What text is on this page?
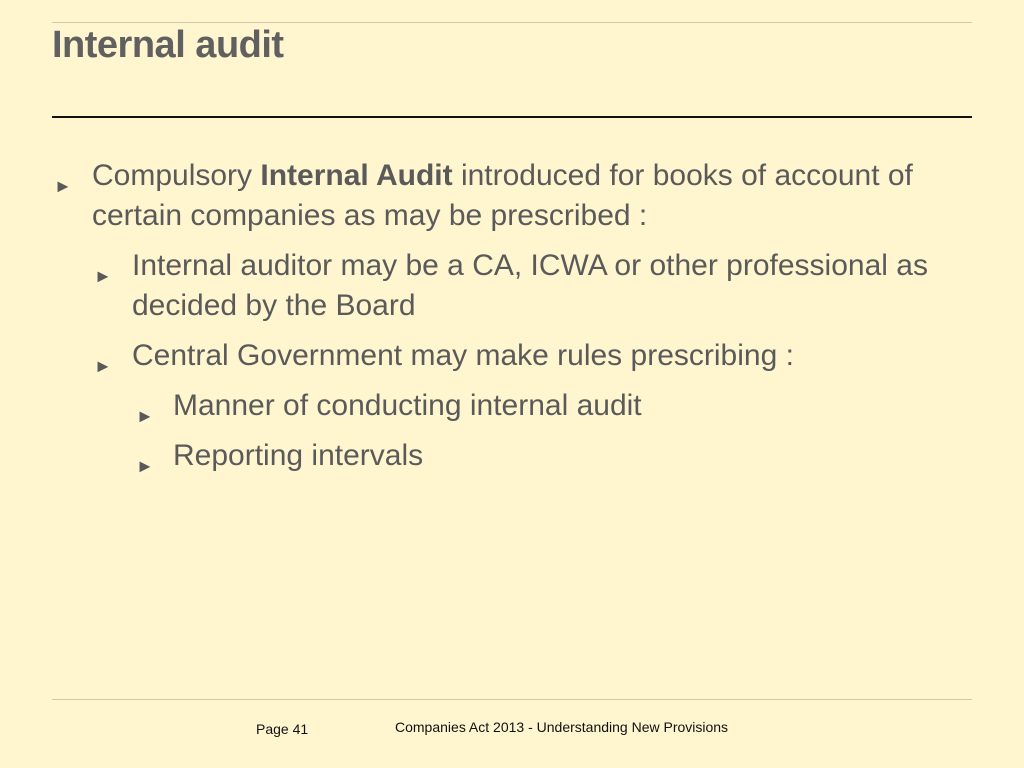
Internal audit

► Compulsory Internal Audit introduced for books of account of certain companies as may be prescribed :

► Internal auditor may be a CA, ICWA or other professional as decided by the Board

► Central Government may make rules prescribing :

► Manner of conducting internal audit

► Reporting intervals

Page 41	Companies Act 2013 - Understanding New Provisions
